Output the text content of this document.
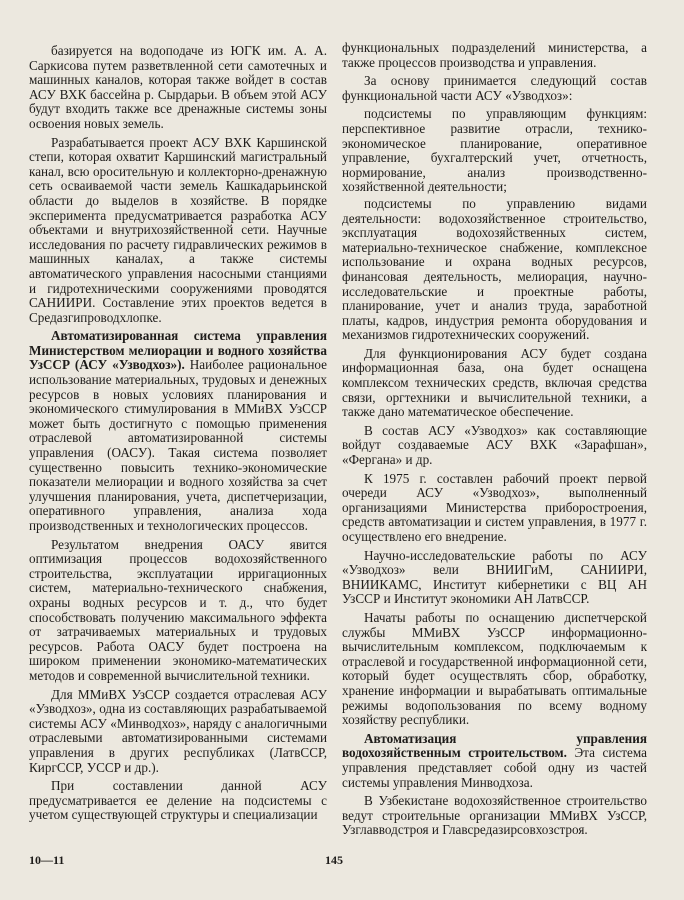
базируется на водоподаче из ЮГК им. А. А. Саркисова путем разветвленной сети самотечных и машинных каналов, которая также войдет в состав АСУ ВХК бассейна р. Сырдарьи. В объем этой АСУ будут входить также все дренажные системы зоны освоения новых земель.

Разрабатывается проект АСУ ВХК Каршинской степи, которая охватит Каршинский магистральный канал, всю оросительную и коллекторно-дренажную сеть осваиваемой части земель Кашкадарьинской области до выделов в хозяйстве. В порядке эксперимента предусматривается разработка АСУ объектами и внутрихозяйственной сети. Научные исследования по расчету гидравлических режимов в машинных каналах, а также системы автоматического управления насосными станциями и гидротехническими сооружениями проводятся САНИИРИ. Составление этих проектов ведется в Средазгипроводхлопке.

Автоматизированная система управления Министерством мелиорации и водного хозяйства УзССР (АСУ «Узводхоз»). Наиболее рациональное использование материальных, трудовых и денежных ресурсов в новых условиях планирования и экономического стимулирования в ММиВХ УзССР может быть достигнуто с помощью применения отраслевой автоматизированной системы управления (ОАСУ). Такая система позволяет существенно повысить технико-экономические показатели мелиорации и водного хозяйства за счет улучшения планирования, учета, диспетчеризации, оперативного управления, анализа хода производственных и технологических процессов.

Результатом внедрения ОАСУ явится оптимизация процессов водохозяйственного строительства, эксплуатации ирригационных систем, материально-технического снабжения, охраны водных ресурсов и т. д., что будет способствовать получению максимального эффекта от затрачиваемых материальных и трудовых ресурсов. Работа ОАСУ будет построена на широком применении экономико-математических методов и современной вычислительной техники.

Для ММиВХ УзССР создается отраслевая АСУ «Узводхоз», одна из составляющих разрабатываемой системы АСУ «Минводхоз», наряду с аналогичными отраслевыми автоматизированными системами управления в других республиках (ЛатвССР, КиргССР, УССР и др.).

При составлении данной АСУ предусматривается ее деление на подсистемы с учетом существующей структуры и специализации

функциональных подразделений министерства, а также процессов производства и управления.

За основу принимается следующий состав функциональной части АСУ «Узводхоз»:

подсистемы по управляющим функциям: перспективное развитие отрасли, технико-экономическое планирование, оперативное управление, бухгалтерский учет, отчетность, нормирование, анализ производственно-хозяйственной деятельности;

подсистемы по управлению видами деятельности: водохозяйственное строительство, эксплуатация водохозяйственных систем, материально-техническое снабжение, комплексное использование и охрана водных ресурсов, финансовая деятельность, мелиорация, научно-исследовательские и проектные работы, планирование, учет и анализ труда, заработной платы, кадров, индустрия ремонта оборудования и механизмов гидротехнических сооружений.

Для функционирования АСУ будет создана информационная база, она будет оснащена комплексом технических средств, включая средства связи, оргтехники и вычислительной техники, а также дано математическое обеспечение.

В состав АСУ «Узводхоз» как составляющие войдут создаваемые АСУ ВХК «Зарафшан», «Фергана» и др.

К 1975 г. составлен рабочий проект первой очереди АСУ «Узводхоз», выполненный организациями Министерства приборостроения, средств автоматизации и систем управления, в 1977 г. осуществлено его внедрение.

Научно-исследовательские работы по АСУ «Узводхоз» вели ВНИИГиМ, САНИИРИ, ВНИИКАМС, Институт кибернетики с ВЦ АН УзССР и Институт экономики АН ЛатвССР.

Начаты работы по оснащению диспетчерской службы ММиВХ УзССР информационно-вычислительным комплексом, подключаемым к отраслевой и государственной информационной сети, который будет осуществлять сбор, обработку, хранение информации и вырабатывать оптимальные режимы водопользования по всему водному хозяйству республики.

Автоматизация управления водохозяйственным строительством. Эта система управления представляет собой одну из частей системы управления Минводхоза.

В Узбекистане водохозяйственное строительство ведут строительные организации ММиВХ УзССР, Узглавводстроя и Главсредазирсовхозстроя.

10—11	145
